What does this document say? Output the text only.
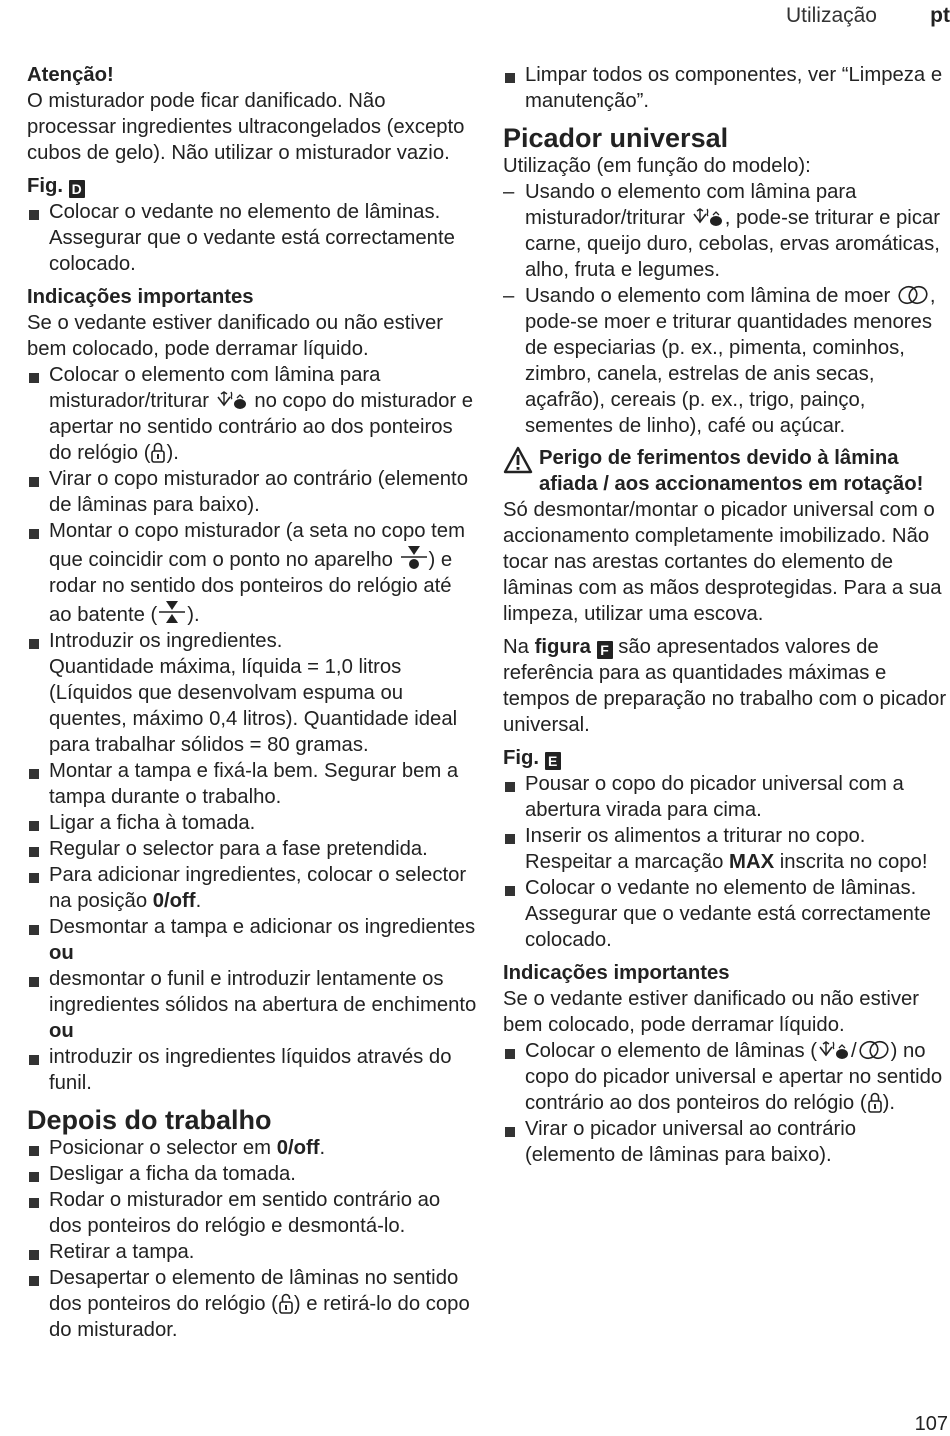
Utilização	pt

Atenção!

O misturador pode ficar danificado. Não processar ingredientes ultracongelados (excepto cubos de gelo). Não utilizar o misturador vazio.

Fig. D

Colocar o vedante no elemento de lâminas. Assegurar que o vedante está correctamente colocado.

Indicações importantes

Se o vedante estiver danificado ou não estiver bem colocado, pode derramar líquido.

Colocar o elemento com lâmina para misturador/triturar no copo do misturador e apertar no sentido contrário ao dos ponteiros do relógio ( ).
Virar o copo misturador ao contrário (elemento de lâminas para baixo).
Montar o copo misturador (a seta no copo tem que coincidir com o ponto no aparelho ) e rodar no sentido dos ponteiros do relógio até ao batente ( ).
Introduzir os ingredientes.
Quantidade máxima, líquida = 1,0 litros (Líquidos que desenvolvam espuma ou quentes, máximo 0,4 litros). Quantidade ideal para trabalhar sólidos = 80 gramas.
Montar a tampa e fixá-la bem. Segurar bem a tampa durante o trabalho.
Ligar a ficha à tomada.
Regular o selector para a fase pretendida.
Para adicionar ingredientes, colocar o selector na posição 0/off.
Desmontar a tampa e adicionar os ingredientes ou
desmontar o funil e introduzir lentamente os ingredientes sólidos na abertura de enchimento ou
introduzir os ingredientes líquidos através do funil.

Depois do trabalho

Posicionar o selector em 0/off.
Desligar a ficha da tomada.
Rodar o misturador em sentido contrário ao dos ponteiros do relógio e desmontá-lo.
Retirar a tampa.
Desapertar o elemento de lâminas no sentido dos ponteiros do relógio ( ) e retirá-lo do copo do misturador.
Limpar todos os componentes, ver “Limpeza e manutenção”.

Picador universal

Utilização (em função do modelo):

– Usando o elemento com lâmina para misturador/triturar , pode-se triturar e picar carne, queijo duro, cebolas, ervas aromáticas, alho, fruta e legumes.
– Usando o elemento com lâmina de moer , pode-se moer e triturar quantidades menores de especiarias (p. ex., pimenta, cominhos, zimbro, canela, estrelas de anis secas, açafrão), cereais (p. ex., trigo, painço, sementes de linho), café ou açúcar.
Perigo de ferimentos devido à lâmina afiada / aos accionamentos em rotação!

Só desmontar/montar o picador universal com o accionamento completamente imobilizado. Não tocar nas arestas cortantes do elemento de lâminas com as mãos desprotegidas. Para a sua limpeza, utilizar uma escova.

Na figura F são apresentados valores de referência para as quantidades máximas e tempos de preparação no trabalho com o picador universal.

Fig. E

Pousar o copo do picador universal com a abertura virada para cima.
Inserir os alimentos a triturar no copo.
Respeitar a marcação MAX inscrita no copo!
Colocar o vedante no elemento de lâminas. Assegurar que o vedante está correctamente colocado.

Indicações importantes

Se o vedante estiver danificado ou não estiver bem colocado, pode derramar líquido.

Colocar o elemento de lâminas ( / ) no copo do picador universal e apertar no sentido contrário ao dos ponteiros do relógio ( ).
Virar o picador universal ao contrário (elemento de lâminas para baixo).
107
